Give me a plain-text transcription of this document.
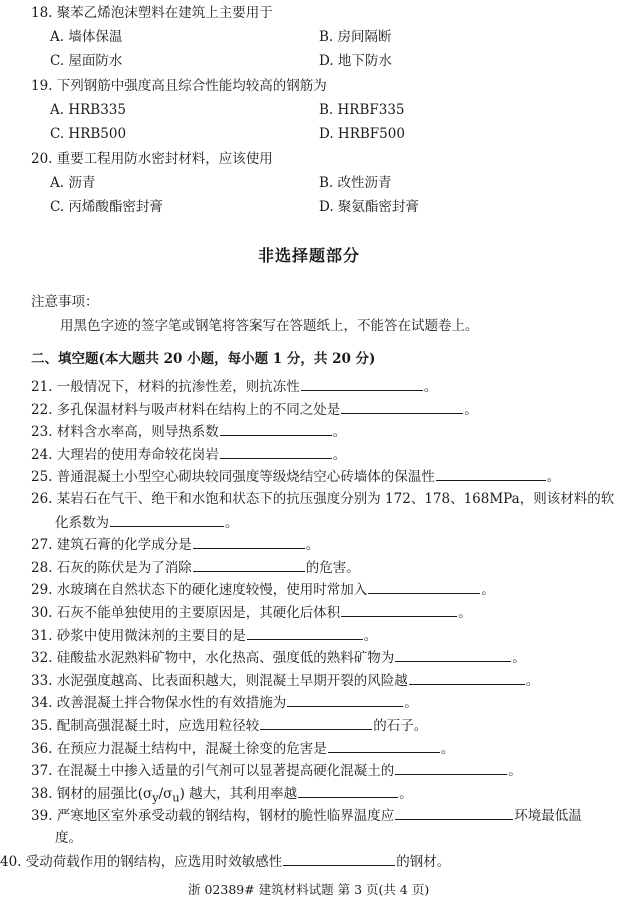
18. 聚苯乙烯泡沫塑料在建筑上主要用于
A. 墙体保温	B. 房间隔断
C. 屋面防水	D. 地下防水
19. 下列钢筋中强度高且综合性能均较高的钢筋为
A. HRB335	B. HRBF335
C. HRB500	D. HRBF500
20. 重要工程用防水密封材料，应该使用
A. 沥青	B. 改性沥青
C. 丙烯酸酯密封膏	D. 聚氨酯密封膏
非选择题部分
注意事项：
用黑色字迹的签字笔或钢笔将答案写在答题纸上，不能答在试题卷上。
二、填空题(本大题共 20 小题，每小题 1 分，共 20 分)
21. 一般情况下，材料的抗渗性差，则抗冻性	。
22. 多孔保温材料与吸声材料在结构上的不同之处是	。
23. 材料含水率高，则导热系数	。
24. 大理岩的使用寿命较花岗岩	。
25. 普通混凝土小型空心砌块较同强度等级烧结空心砖墙体的保温性	。
26. 某岩石在气干、绝干和水饱和状态下的抗压强度分别为 172、178、168MPa，则该材料的软
化系数为	。
27. 建筑石膏的化学成分是	。
28. 石灰的陈伏是为了消除	的危害。
29. 水玻璃在自然状态下的硬化速度较慢，使用时常加入	。
30. 石灰不能单独使用的主要原因是，其硬化后体积	。
31. 砂浆中使用微沫剂的主要目的是	。
32. 硅酸盐水泥熟料矿物中，水化热高、强度低的熟料矿物为	。
33. 水泥强度越高、比表面积越大，则混凝土早期开裂的风险越	。
34. 改善混凝土拌合物保水性的有效措施为	。
35. 配制高强混凝土时，应选用粒径较	的石子。
36. 在预应力混凝土结构中，混凝土徐变的危害是	。
37. 在混凝土中掺入适量的引气剂可以显著提高硬化混凝土的	。
38. 钢材的屈强比$(\sigma_y/\sigma_u)$ 越大，其利用率越	。
39. 严寒地区室外承受动载的钢结构，钢材的脆性临界温度应	环境最低温
度。
浙 02389# 建筑材料试题 第 3 页(共 4 页)
40. 受动荷载作用的钢结构，应选用时效敏感性	的钢材。
